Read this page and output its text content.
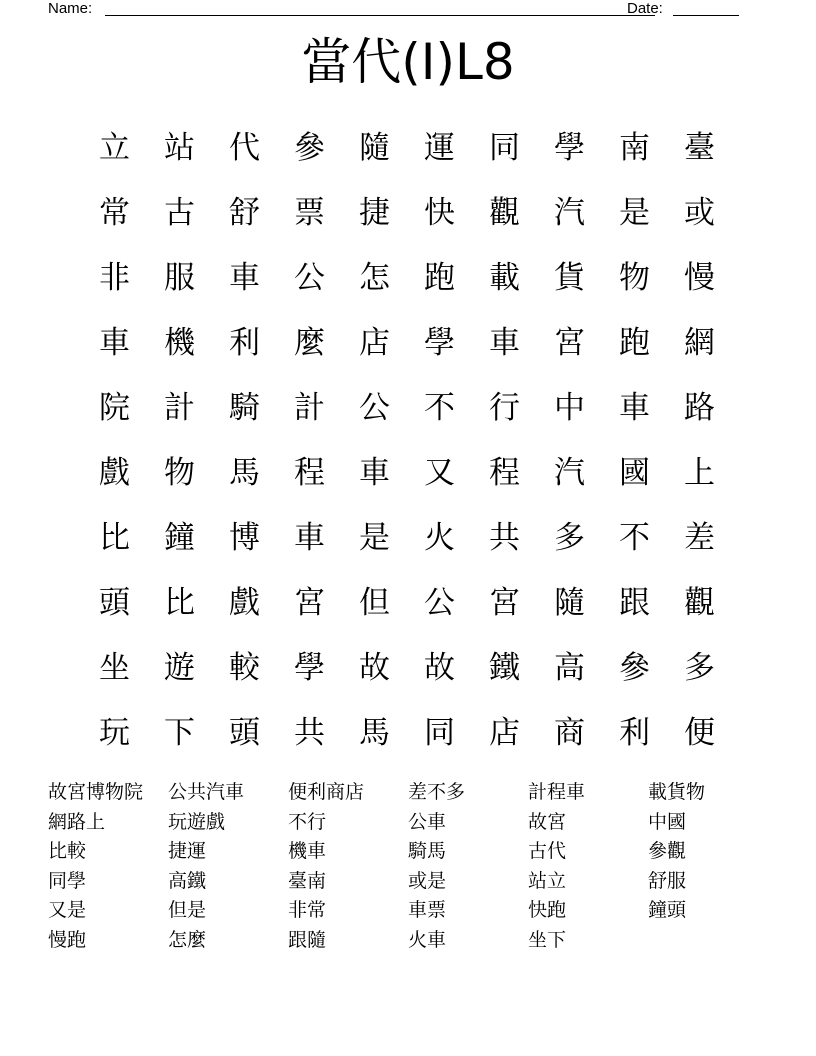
Name:	Date:
當代(I)L8
立	站	代	參	隨	運	同	學	南	臺
常	古	舒	票	捷	快	觀	汽	是	或
非	服	車	公	怎	跑	載	貨	物	慢
車	機	利	麼	店	學	車	宮	跑	網
院	計	騎	計	公	不	行	中	車	路
戲	物	馬	程	車	又	程	汽	國	上
比	鐘	博	車	是	火	共	多	不	差
頭	比	戲	宮	但	公	宮	隨	跟	觀
坐	遊	較	學	故	故	鐵	高	參	多
玩	下	頭	共	馬	同	店	商	利	便
故宮博物院	公共汽車	便利商店	差不多	計程車	載貨物
網路上	玩遊戲	不行	公車	故宮	中國
比較	捷運	機車	騎馬	古代	參觀
同學	高鐵	臺南	或是	站立	舒服
又是	但是	非常	車票	快跑	鐘頭
慢跑	怎麼	跟隨	火車	坐下
